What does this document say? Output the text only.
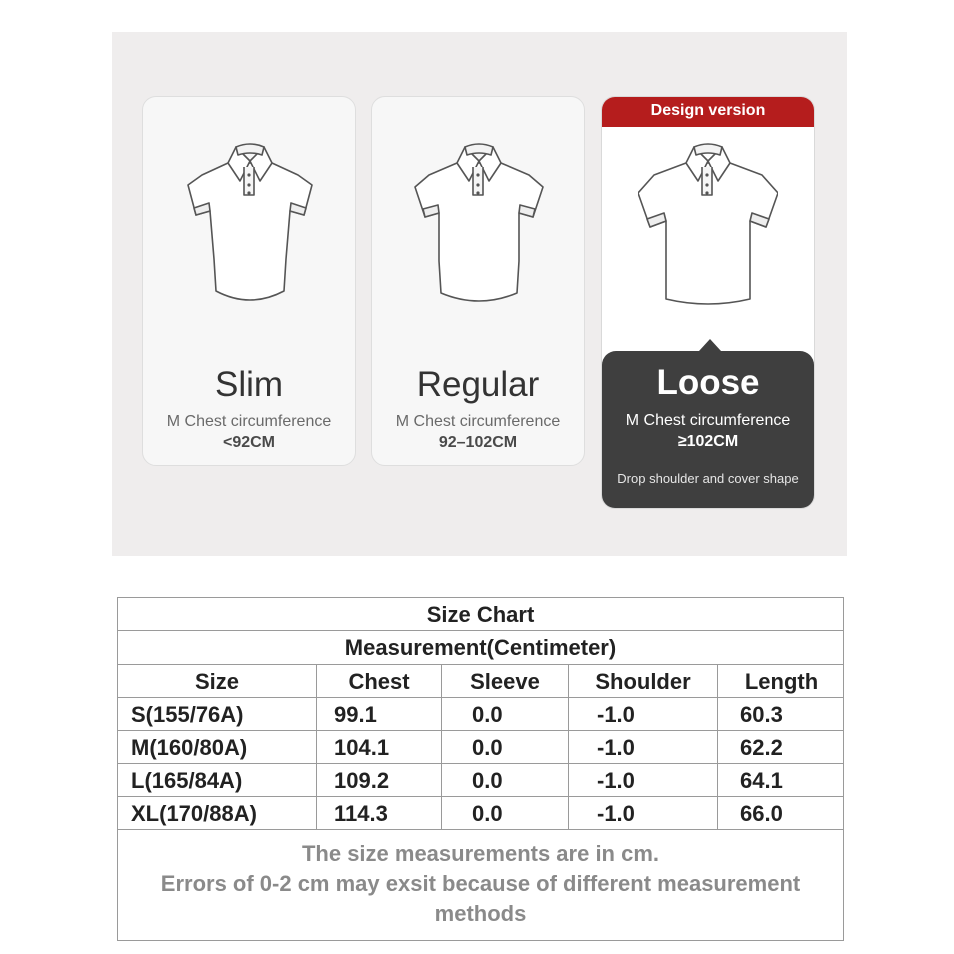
Slim
M Chest circumference
<92CM
Regular
M Chest circumference
92–102CM
Design version
Loose
M Chest circumference
≥102CM
Drop shoulder and cover shape
Size Chart
Measurement(Centimeter)
Size	Chest	Sleeve	Shoulder	Length
S(155/76A)	99.1	0.0	-1.0	60.3
M(160/80A)	104.1	0.0	-1.0	62.2
L(165/84A)	109.2	0.0	-1.0	64.1
XL(170/88A)	114.3	0.0	-1.0	66.0
The size measurements are in cm.
Errors of 0-2 cm may exsit because of different measurement methods
